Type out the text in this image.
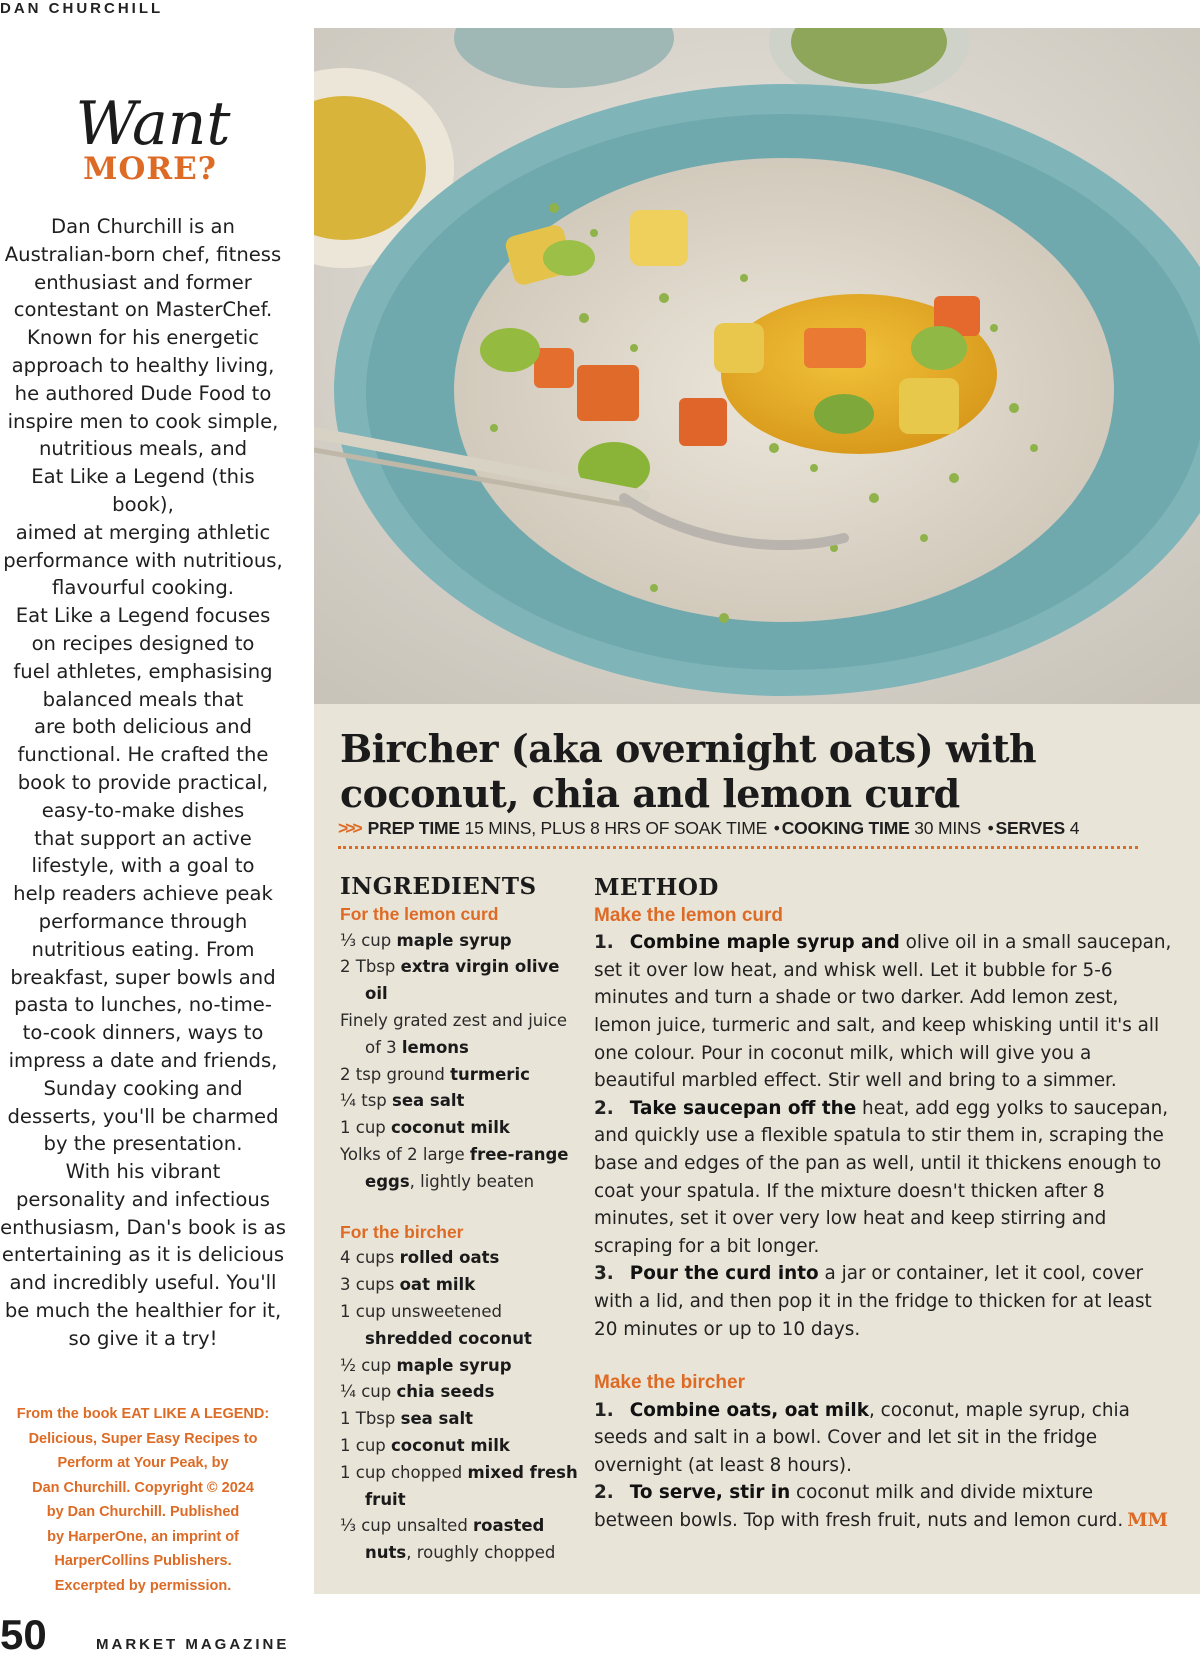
DAN CHURCHILL
Want
MORE?
Dan Churchill is an
Australian-born chef, fitness
enthusiast and former
contestant on MasterChef.
Known for his energetic
approach to healthy living,
he authored Dude Food to
inspire men to cook simple,
nutritious meals, and
Eat Like a Legend (this book),
aimed at merging athletic
performance with nutritious,
flavourful cooking.
Eat Like a Legend focuses
on recipes designed to
fuel athletes, emphasising
balanced meals that
are both delicious and
functional. He crafted the
book to provide practical,
easy-to-make dishes
that support an active
lifestyle, with a goal to
help readers achieve peak
performance through
nutritious eating. From
breakfast, super bowls and
pasta to lunches, no-time-
to-cook dinners, ways to
impress a date and friends,
Sunday cooking and
desserts, you'll be charmed
by the presentation.
With his vibrant
personality and infectious
enthusiasm, Dan's book is as
entertaining as it is delicious
and incredibly useful. You'll
be much the healthier for it,
so give it a try!
From the book EAT LIKE A LEGEND:
Delicious, Super Easy Recipes to
Perform at Your Peak, by
Dan Churchill. Copyright © 2024
by Dan Churchill. Published
by HarperOne, an imprint of
HarperCollins Publishers.
Excerpted by permission.
Bircher (aka overnight oats) with
coconut, chia and lemon curd
>>> PREP TIME 15 MINS, PLUS 8 HRS OF SOAK TIME • COOKING TIME 30 MINS • SERVES 4
INGREDIENTS
For the lemon curd
⅓ cup maple syrup
2 Tbsp extra virgin olive oil
Finely grated zest and juice of 3 lemons
2 tsp ground turmeric
¼ tsp sea salt
1 cup coconut milk
Yolks of 2 large free-range eggs, lightly beaten
For the bircher
4 cups rolled oats
3 cups oat milk
1 cup unsweetened shredded coconut
½ cup maple syrup
¼ cup chia seeds
1 Tbsp sea salt
1 cup coconut milk
1 cup chopped mixed fresh fruit
⅓ cup unsalted roasted nuts, roughly chopped
METHOD
Make the lemon curd
1. Combine maple syrup and olive oil in a small saucepan, set it over low heat, and whisk well. Let it bubble for 5-6 minutes and turn a shade or two darker. Add lemon zest, lemon juice, turmeric and salt, and keep whisking until it's all one colour. Pour in coconut milk, which will give you a beautiful marbled effect. Stir well and bring to a simmer.
2. Take saucepan off the heat, add egg yolks to saucepan, and quickly use a flexible spatula to stir them in, scraping the base and edges of the pan as well, until it thickens enough to coat your spatula. If the mixture doesn't thicken after 8 minutes, set it over very low heat and keep stirring and scraping for a bit longer.
3. Pour the curd into a jar or container, let it cool, cover with a lid, and then pop it in the fridge to thicken for at least 20 minutes or up to 10 days.
Make the bircher
1. Combine oats, oat milk, coconut, maple syrup, chia seeds and salt in a bowl. Cover and let sit in the fridge overnight (at least 8 hours).
2. To serve, stir in coconut milk and divide mixture between bowls. Top with fresh fruit, nuts and lemon curd. MM
50	MARKET MAGAZINE
